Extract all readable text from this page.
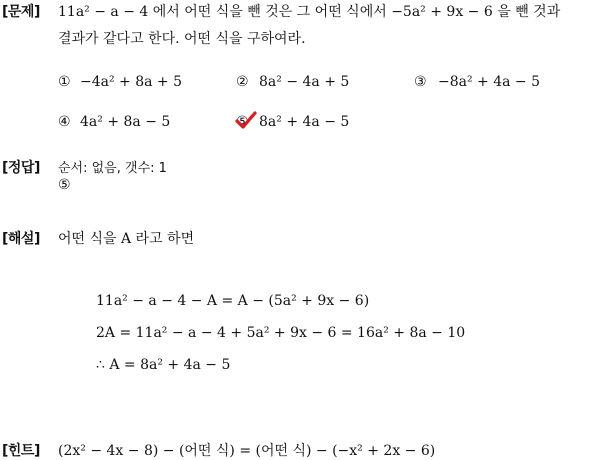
[문제] 11a² − a − 4 에서 어떤 식을 뺀 것은 그 어떤 식에서 −5a² + 9x − 6 을 뺀 것과
결과가 같다고 한다. 어떤 식을 구하여라.
① −4a² + 8a + 5	② 8a² − 4a + 5	③ −8a² + 4a − 5
④ 4a² + 8a − 5	⑤ 8a² + 4a − 5
[정답] 순서: 없음, 갯수: 1
⑤
[해설] 어떤 식을 A 라고 하면
11a² − a − 4 − A = A − (5a² + 9x − 6)
2A = 11a² − a − 4 + 5a² + 9x − 6 = 16a² + 8a − 10
∴ A = 8a² + 4a − 5
[힌트] (2x² − 4x − 8) − (어떤 식) = (어떤 식) − (−x² + 2x − 6)
